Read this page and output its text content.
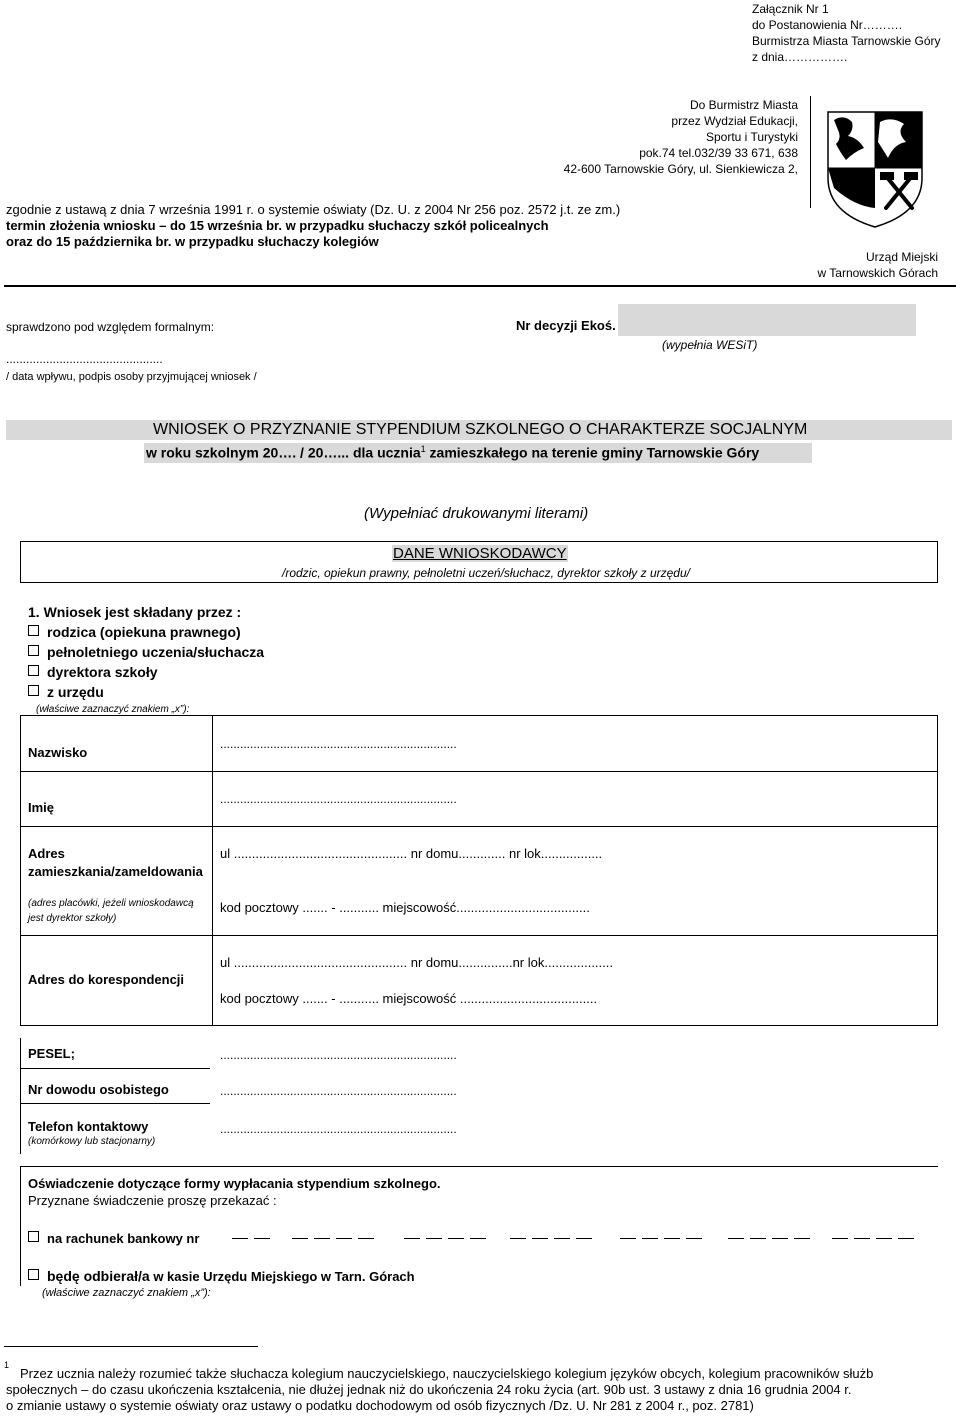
Załącznik Nr 1
do Postanowienia Nr……….
Burmistrza Miasta Tarnowskie Góry
z dnia…………….
Do Burmistrz Miasta
przez Wydział Edukacji,
Sportu i Turystyki
pok.74 tel.032/39 33 671, 638
42-600 Tarnowskie Góry, ul. Sienkiewicza 2,
zgodnie z ustawą z dnia 7 września 1991 r. o systemie oświaty (Dz. U. z 2004 Nr 256 poz. 2572 j.t. ze zm.)
termin złożenia wniosku – do 15 września br. w przypadku słuchaczy szkół policealnych
oraz do 15 października br. w przypadku słuchaczy kolegiów
Urząd Miejski
w Tarnowskich Górach
sprawdzono pod względem formalnym:
...............................................
/ data wpływu, podpis osoby przyjmującej wniosek /
Nr decyzji Ekoś.
(wypełnia WESiT)
WNIOSEK O PRZYZNANIE STYPENDIUM SZKOLNEGO O CHARAKTERZE SOCJALNYM
w roku szkolnym 20…. / 20…... dla ucznia$^1$ zamieszkałego na terenie gminy Tarnowskie Góry
(Wypełniać drukowanymi literami)
DANE WNIOSKODAWCY
/rodzic, opiekun prawny, pełnoletni uczeń/słuchacz, dyrektor szkoły z urzędu/
1. Wniosek jest składany przez :
rodzica (opiekuna prawnego)
pełnoletniego uczenia/słuchacza
dyrektora szkoły
z urzędu
(właściwe zaznaczyć znakiem „x”):
Nazwisko
.......................................................................
Imię
.......................................................................
Adres
zamieszkania/zameldowania
(adres placówki, jeżeli wnioskodawcą
jest dyrektor szkoły)
ul ................................................ nr domu............. nr lok.................
kod pocztowy ....... - ........... miejscowość.....................................
Adres do korespondencji
ul ................................................ nr domu...............nr lok...................
kod pocztowy ....... - ........... miejscowość ......................................
PESEL;	.......................................................................
Nr dowodu osobistego	.......................................................................
Telefon kontaktowy
(komórkowy lub stacjonarny)
.......................................................................
Oświadczenie dotyczące formy wypłacania stypendium szkolnego.
Przyznane świadczenie proszę przekazać :
na rachunek bankowy nr
będę odbierał/a w kasie Urzędu Miejskiego w Tarn. Górach
(właściwe zaznaczyć znakiem „x”):
1
Przez ucznia należy rozumieć także słuchacza kolegium nauczycielskiego, nauczycielskiego kolegium języków obcych, kolegium pracowników służb
społecznych – do czasu ukończenia kształcenia, nie dłużej jednak niż do ukończenia 24 roku życia (art. 90b ust. 3 ustawy z dnia 16 grudnia 2004 r.
o zmianie ustawy o systemie oświaty oraz ustawy o podatku dochodowym od osób fizycznych /Dz. U. Nr 281 z 2004 r., poz. 2781)
